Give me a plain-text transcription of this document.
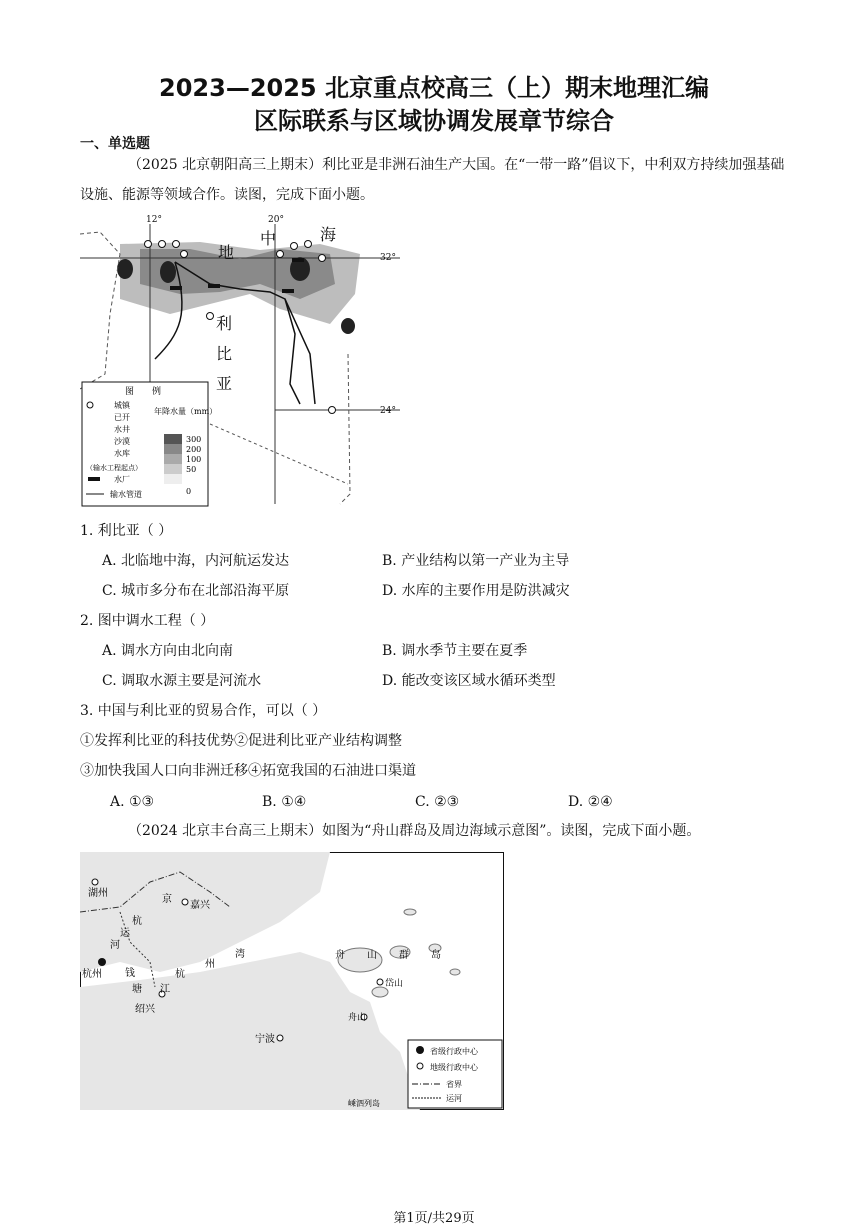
2023—2025 北京重点校高三（上）期末地理汇编
区际联系与区域协调发展章节综合
一、单选题
（2025 北京朝阳高三上期末）利比亚是非洲石油生产大国。在“一带一路”倡议下，中利双方持续加强基础设施、能源等领域合作。读图，完成下面小题。
12°	20°
32°
24°
地
中	海
利
比
亚
图　　例
城镇
已开
水井
沙漠
水库
（输水工程起点）
水厂
输水管道
年降水量（mm）
300
200
100
50
0
1. 利比亚（ ）
A. 北临地中海，内河航运发达	B. 产业结构以第一产业为主导
C. 城市多分布在北部沿海平原	D. 水库的主要作用是防洪减灾
2. 图中调水工程（ ）
A. 调水方向由北向南	B. 调水季节主要在夏季
C. 调取水源主要是河流水	D. 能改变该区域水循环类型
3. 中国与利比亚的贸易合作，可以（ ）
①发挥利比亚的科技优势②促进利比亚产业结构调整
③加快我国人口向非洲迁移④拓宽我国的石油进口渠道
A. ①③	B. ①④	C. ②③	D. ②④
（2024 北京丰台高三上期末）如图为“舟山群岛及周边海域示意图”。读图，完成下面小题。
湖州
嘉兴
杭州
绍兴
宁波
舟山
岱山
京
杭
运
河
钱
塘 江
杭
州
湾	舟　山　群　岛
省级行政中心
地级行政中心
省界
运河
嵊泗列岛
第1页/共29页
